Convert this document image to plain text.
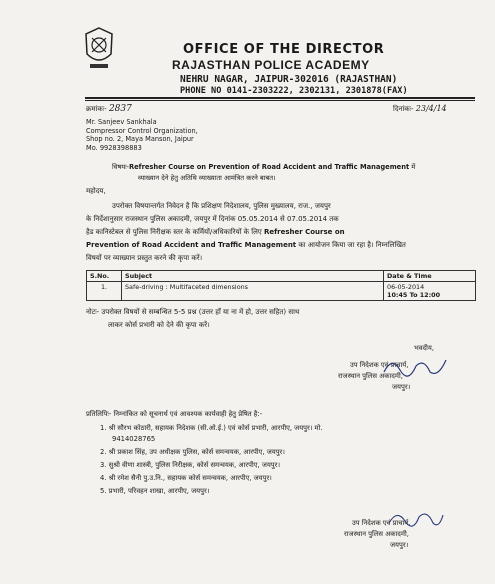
OFFICE OF THE DIRECTOR
RAJASTHAN POLICE ACADEMY
NEHRU NAGAR, JAIPUR-302016 (RAJASTHAN)
PHONE NO 0141-2303222, 2302131, 2301878(FAX)
क्रमांकः- 2837	दिनांकः- 23/4/14
Mr. Sanjeev Sankhala
Compressor Control Organization,
Shop no. 2, Maya Manson, Jaipur
Mo. 9928398883
विषयः-Refresher Course on Prevention of Road Accident and Traffic Management में
व्याख्यान देने हेतु अतिथि व्याख्याता आमंत्रित करने बाबत।
महोदय,
उपरोक्त विषयान्तर्गत निवेदन है कि प्रशिक्षण निदेशालय, पुलिस मुख्यालय, राज., जयपुर
के निर्देशानुसार राजस्थान पुलिस अकादमी, जयपुर में दिनांक 05.05.2014 से 07.05.2014 तक
हैड कानिस्टेबल से पुलिस निरीक्षक स्तर के कर्मियों/अधिकारियों के लिए Refresher Course on
Prevention of Road Accident and Traffic Management का आयोजन किया जा रहा है। निम्नलिखित
विषयों पर व्याख्यान प्रस्तुत करने की कृपा करें।
S.No.	Subject	Date & Time
1.	Safe-driving : Multifaceted dimensions	06-05-2014
10:45 To 12:00
नोटः- उपरोक्त विषयों से सम्बन्धित 5-5 प्रश्न (उत्तर हाँ या ना में हो, उत्तर सहित) साथ
लाकर कोर्स प्रभारी को देने की कृपा करें।
भवदीय,
उप निदेशक एवं प्राचार्य,
राजस्थान पुलिस अकादमी,
जयपुर।
प्रतिलिपिः- निम्नांकित को सूचनार्थ एवं आवश्यक कार्यवाही हेतु प्रेषित है:-
1. श्री सौरभ कोठारी, सहायक निदेशक (सी.ओ.ई.) एवं कोर्स प्रभारी, आरपीए, जयपुर। मो.
9414028765
2. श्री प्रकाश सिंह, उप अधीक्षक पुलिस, कोर्स समन्वयक, आरपीए, जयपुर।
3. सुश्री वीणा शास्त्री, पुलिस निरीक्षक, कोर्स समन्वयक, आरपीए, जयपुर।
4. श्री रमेश सैनी पु.उ.नि., सहायक कोर्स समन्वयक, आरपीए, जयपुर।
5. प्रभारी, परिवहन शाखा, आरपीए, जयपुर।
उप निदेशक एवं प्राचार्य,
राजस्थान पुलिस अकादमी,
जयपुर।
